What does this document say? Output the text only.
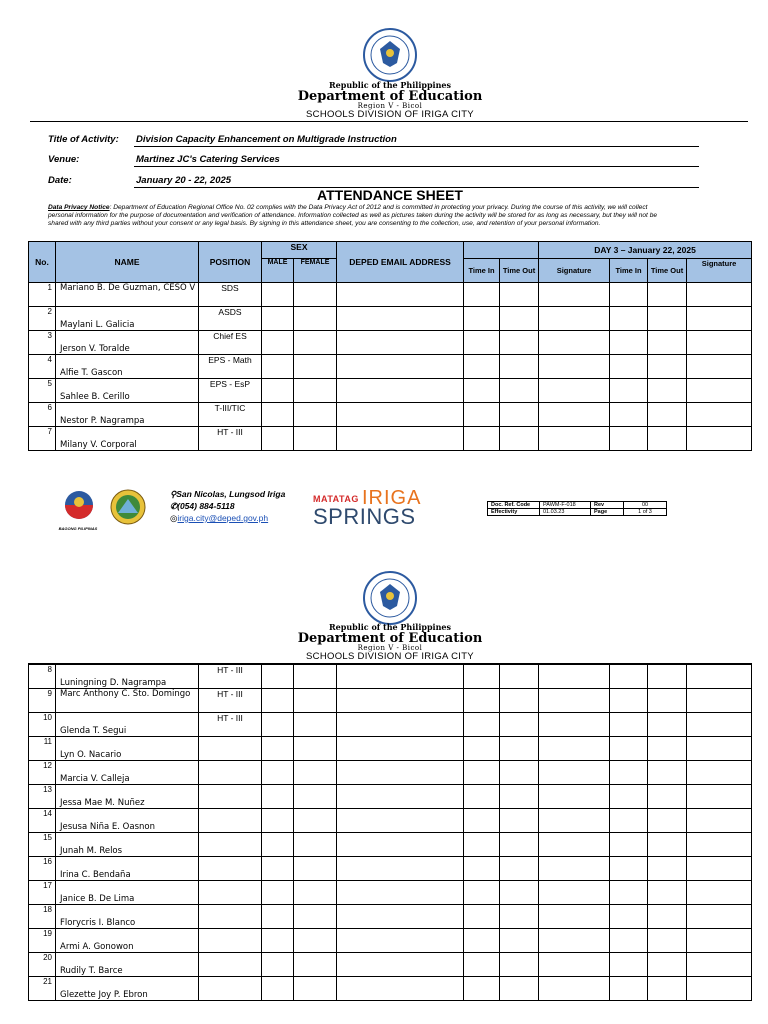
Republic of the Philippines
Department of Education
Region V - Bicol
SCHOOLS DIVISION OF IRIGA CITY
Title of Activity: Division Capacity Enhancement on Multigrade Instruction
Venue:	Martinez JC's Catering Services
Date:	January 20 - 22, 2025
ATTENDANCE SHEET
Data Privacy Notice: Department of Education Regional Office No. 02 complies with the Data Privacy Act of 2012 and is committed in protecting your privacy. During the course of this activity, we will collect personal information for the purpose of documentation and verification of attendance. Information collected as well as pictures taken during the activity will be stored for as long as necessary, but they will not be shared with any third parties without your consent or any legal basis. By signing in this attendance sheet, you are consenting to the collection, use, and retention of your personal information.
No.	NAME	POSITION	SEX		DEPED EMAIL ADDRESS			DAY 3 – January 22, 2025			
			MALE	FEMALE		Time In	Time Out	Signature	Time In	Time Out	Signature
1	Mariano B. De Guzman, CESO V	SDS									
2	Maylani L. Galicia	ASDS									
3	Jerson V. Toralde	Chief ES									
4	Alfie T. Gascon	EPS - Math									
5	Sahlee B. Cerillo	EPS - EsP									
6	Nestor P. Nagrampa	T-III/TIC									
7	Milany V. Corporal	HT - III									
BAGONG PILIPINAS
⚲San Nicolas, Lungsod Iriga
✆(054) 884-5118
◎iriga.city@deped.gov.ph
MATATAG IRIGA
SPRINGS	Doc. Ref. Code	PAWM-F-018	Rev	00
Effectivity	01.03.23	Page	1 of 3
Republic of the Philippines
Department of Education
Region V - Bicol
SCHOOLS DIVISION OF IRIGA CITY
8	Luningning D. Nagrampa	HT - III									
9	Marc Anthony C. Sto. Domingo	HT - III									
10	Glenda T. Segui	HT - III									
11	Lyn O. Nacario										
12	Marcia V. Calleja										
13	Jessa Mae M. Nuñez										
14	Jesusa Niña E. Oasnon										
15	Junah M. Relos										
16	Irina C. Bendaña										
17	Janice B. De Lima										
18	Florycris I. Blanco										
19	Armi A. Gonowon										
20	Rudily T. Barce										
21	Glezette Joy P. Ebron										
